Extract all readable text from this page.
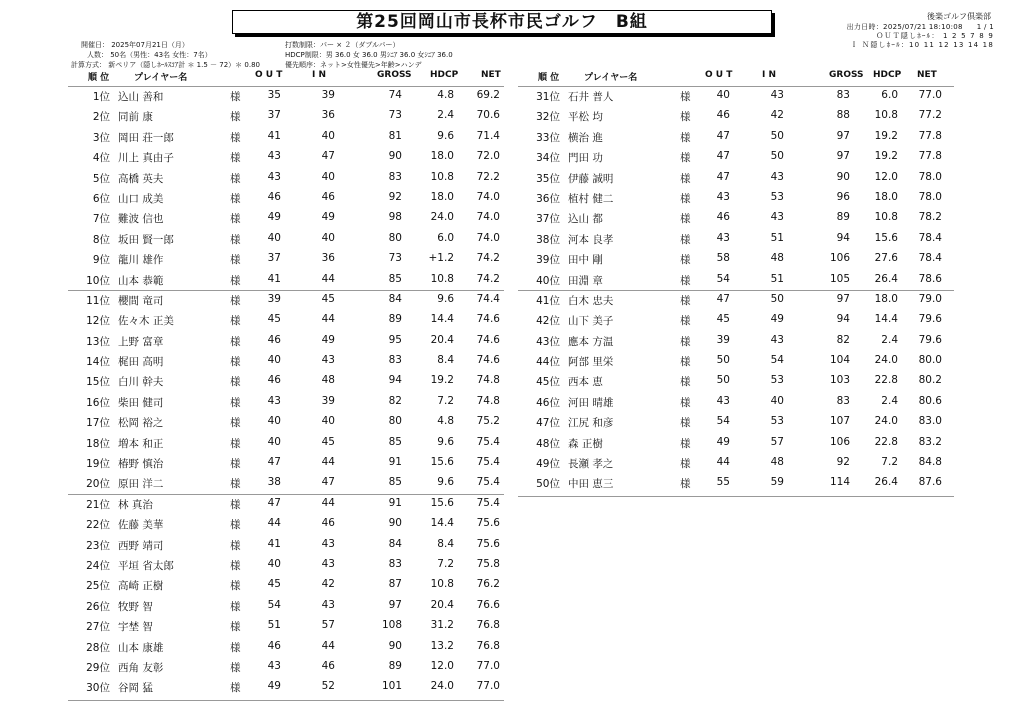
第25回岡山市長杯市民ゴルフ　B組	後楽ゴルフ倶楽部
出力日時：2025/07/21 18:10:08 1 / 1
ＯＵＴ隠しﾎｰﾙ： 1 2 5 7 8 9
Ｉ Ｎ隠しﾎｰﾙ：10 11 12 13 14 18
開催日： 2025年07月21日（月）
人数： 50名（男性：43名 女性：7名）
計算方式： 新ペリア（隠しﾎｰﾙｽｺｱ計 ＊ 1.5 － 72）＊ 0.80
打数制限：パー × ２（ダブルパー）
HDCP制限：男 36.0 女 36.0 男ｼﾆｱ 36.0 女ｼﾆｱ 36.0
優先順序：ネット>女性優先>年齢>ハンデ
順 位	プレイヤー名	O U T	I N	GROSS HDCP	NET	順 位	プレイヤー名	O U T	I N	GROSS HDCP NET
1位 込山 善和	様	35	39	74	4.8	69.2
2位 同前 康	様	37	36	73	2.4	70.6
3位 岡田 荘一郎	様	41	40	81	9.6	71.4
4位 川上 真由子	様	43	47	90	18.0	72.0
5位 高橋 英夫	様	43	40	83	10.8	72.2
6位 山口 成美	様	46	46	92	18.0	74.0
7位 難波 信也	様	49	49	98	24.0	74.0
8位 坂田 賢一郎	様	40	40	80	6.0	74.0
9位 龍川 雄作	様	37	36	73	+1.2	74.2
10位 山本 恭範	様	41	44	85	10.8	74.2
11位 櫻間 竜司	様	39	45	84	9.6	74.4
12位 佐々木 正美	様	45	44	89	14.4	74.6
13位 上野 富章	様	46	49	95	20.4	74.6
14位 梶田 高明	様	40	43	83	8.4	74.6
15位 白川 幹夫	様	46	48	94	19.2	74.8
16位 柴田 健司	様	43	39	82	7.2	74.8
17位 松岡 裕之	様	40	40	80	4.8	75.2
18位 増本 和正	様	40	45	85	9.6	75.4
19位 椿野 慎治	様	47	44	91	15.6	75.4
20位 原田 洋二	様	38	47	85	9.6	75.4
21位 林 真治	様	47	44	91	15.6	75.4
22位 佐藤 美華	様	44	46	90	14.4	75.6
23位 西野 靖司	様	41	43	84	8.4	75.6
24位 平垣 省太郎	様	40	43	83	7.2	75.8
25位 高崎 正樹	様	45	42	87	10.8	76.2
26位 牧野 智	様	54	43	97	20.4	76.6
27位 宇埜 智	様	51	57	108	31.2	76.8
28位 山本 康雄	様	46	44	90	13.2	76.8
29位 西角 友彰	様	43	46	89	12.0	77.0
30位 谷岡 猛	様	49	52	101	24.0	77.0
31位 石井 普人	様	40	43	83	6.0	77.0
32位 平松 均	様	46	42	88	10.8	77.2
33位 横治 進	様	47	50	97	19.2	77.8
34位 門田 功	様	47	50	97	19.2	77.8
35位 伊藤 誠明	様	47	43	90	12.0	78.0
36位 植村 健二	様	43	53	96	18.0	78.0
37位 込山 都	様	46	43	89	10.8	78.2
38位 河本 良孝	様	43	51	94	15.6	78.4
39位 田中 剛	様	58	48	106	27.6	78.4
40位 田淵 章	様	54	51	105	26.4	78.6
41位 白木 忠夫	様	47	50	97	18.0	79.0
42位 山下 美子	様	45	49	94	14.4	79.6
43位 應本 方温	様	39	43	82	2.4	79.6
44位 阿部 里栄	様	50	54	104	24.0	80.0
45位 西本 恵	様	50	53	103	22.8	80.2
46位 河田 晴雄	様	43	40	83	2.4	80.6
47位 江尻 和彦	様	54	53	107	24.0	83.0
48位 森 正樹	様	49	57	106	22.8	83.2
49位 長瀬 孝之	様	44	48	92	7.2	84.8
50位 中田 恵三	様	55	59	114	26.4	87.6
